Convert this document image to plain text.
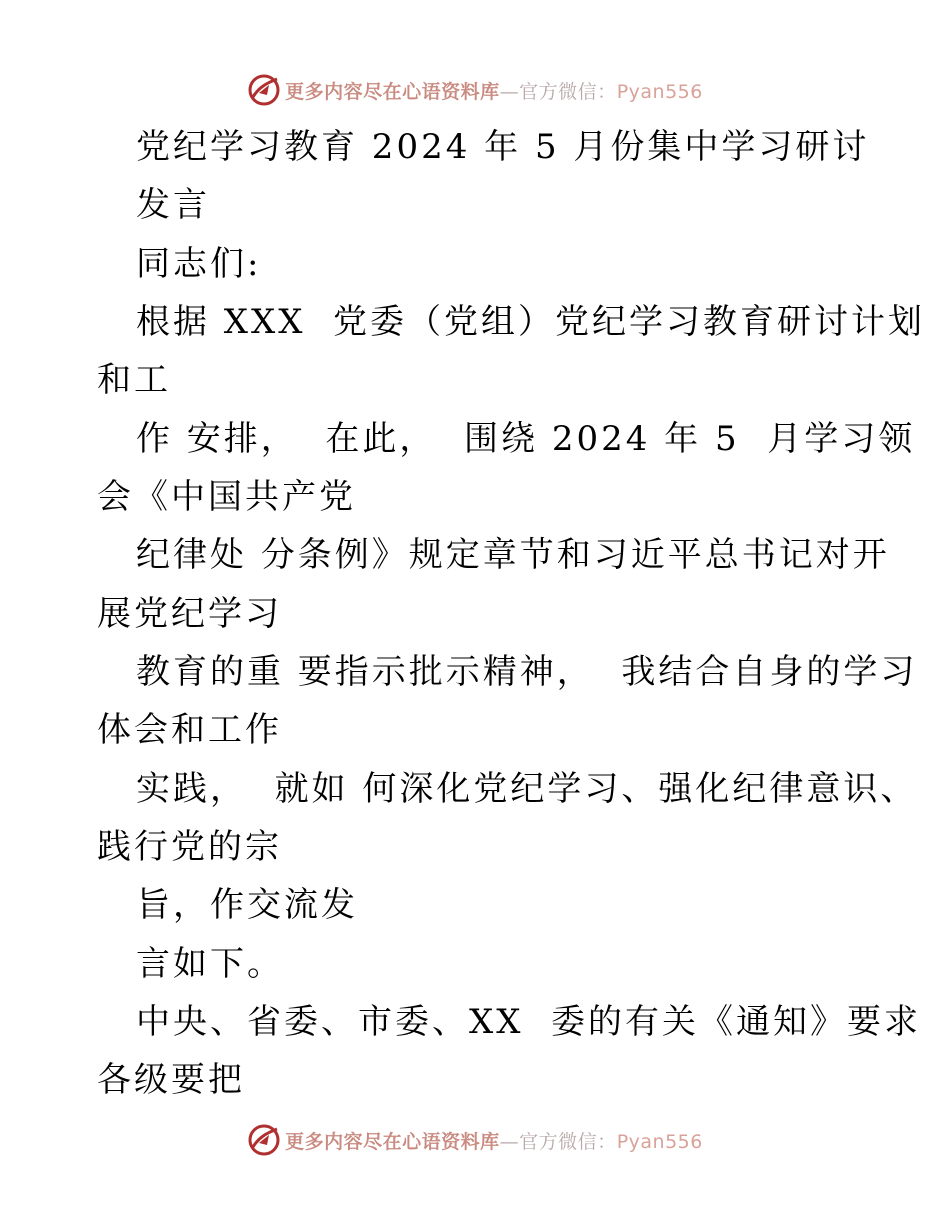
更多内容尽在心语资料库—官方微信：Pyan556
党纪学习教育 2024 年 5 月份集中学习研讨
发言
同志们:
根据 XXX  党委（党组）党纪学习教育研讨计划
和工
作 安排，  在此，  围绕 2024 年 5  月学习领
会《中国共产党
纪律处 分条例》规定章节和习近平总书记对开
展党纪学习
教育的重 要指示批示精神，  我结合自身的学习
体会和工作
实践，  就如 何深化党纪学习、强化纪律意识、
践行党的宗
旨，作交流发
言如下。
中央、省委、市委、XX  委的有关《通知》要求
各级要把
更多内容尽在心语资料库—官方微信：Pyan556
